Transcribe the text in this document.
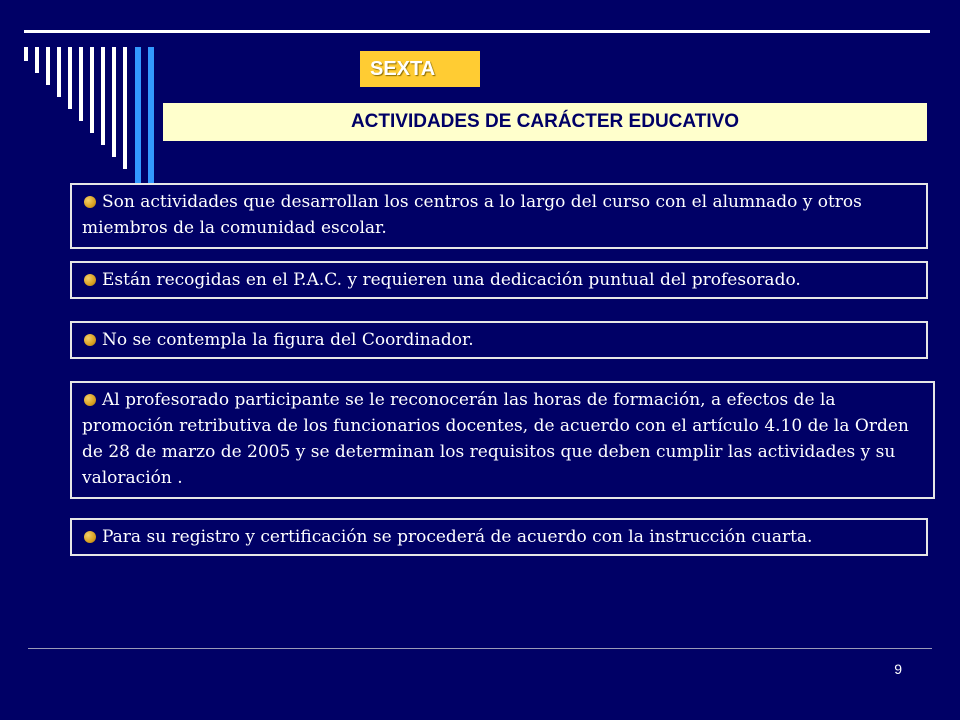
SEXTA
ACTIVIDADES DE CARÁCTER EDUCATIVO
Son actividades que desarrollan los centros a lo largo del curso con el alumnado y otros miembros de la comunidad escolar.
Están recogidas en el P.A.C. y requieren una dedicación puntual del profesorado.
No se contempla la figura del Coordinador.
Al profesorado participante se le reconocerán las horas de formación, a efectos de la promoción retributiva de los funcionarios docentes, de acuerdo con el artículo 4.10 de la Orden de 28 de marzo de 2005 y se determinan los requisitos que deben cumplir las actividades y su valoración .
Para su registro y certificación se procederá de acuerdo con la instrucción cuarta.
9
